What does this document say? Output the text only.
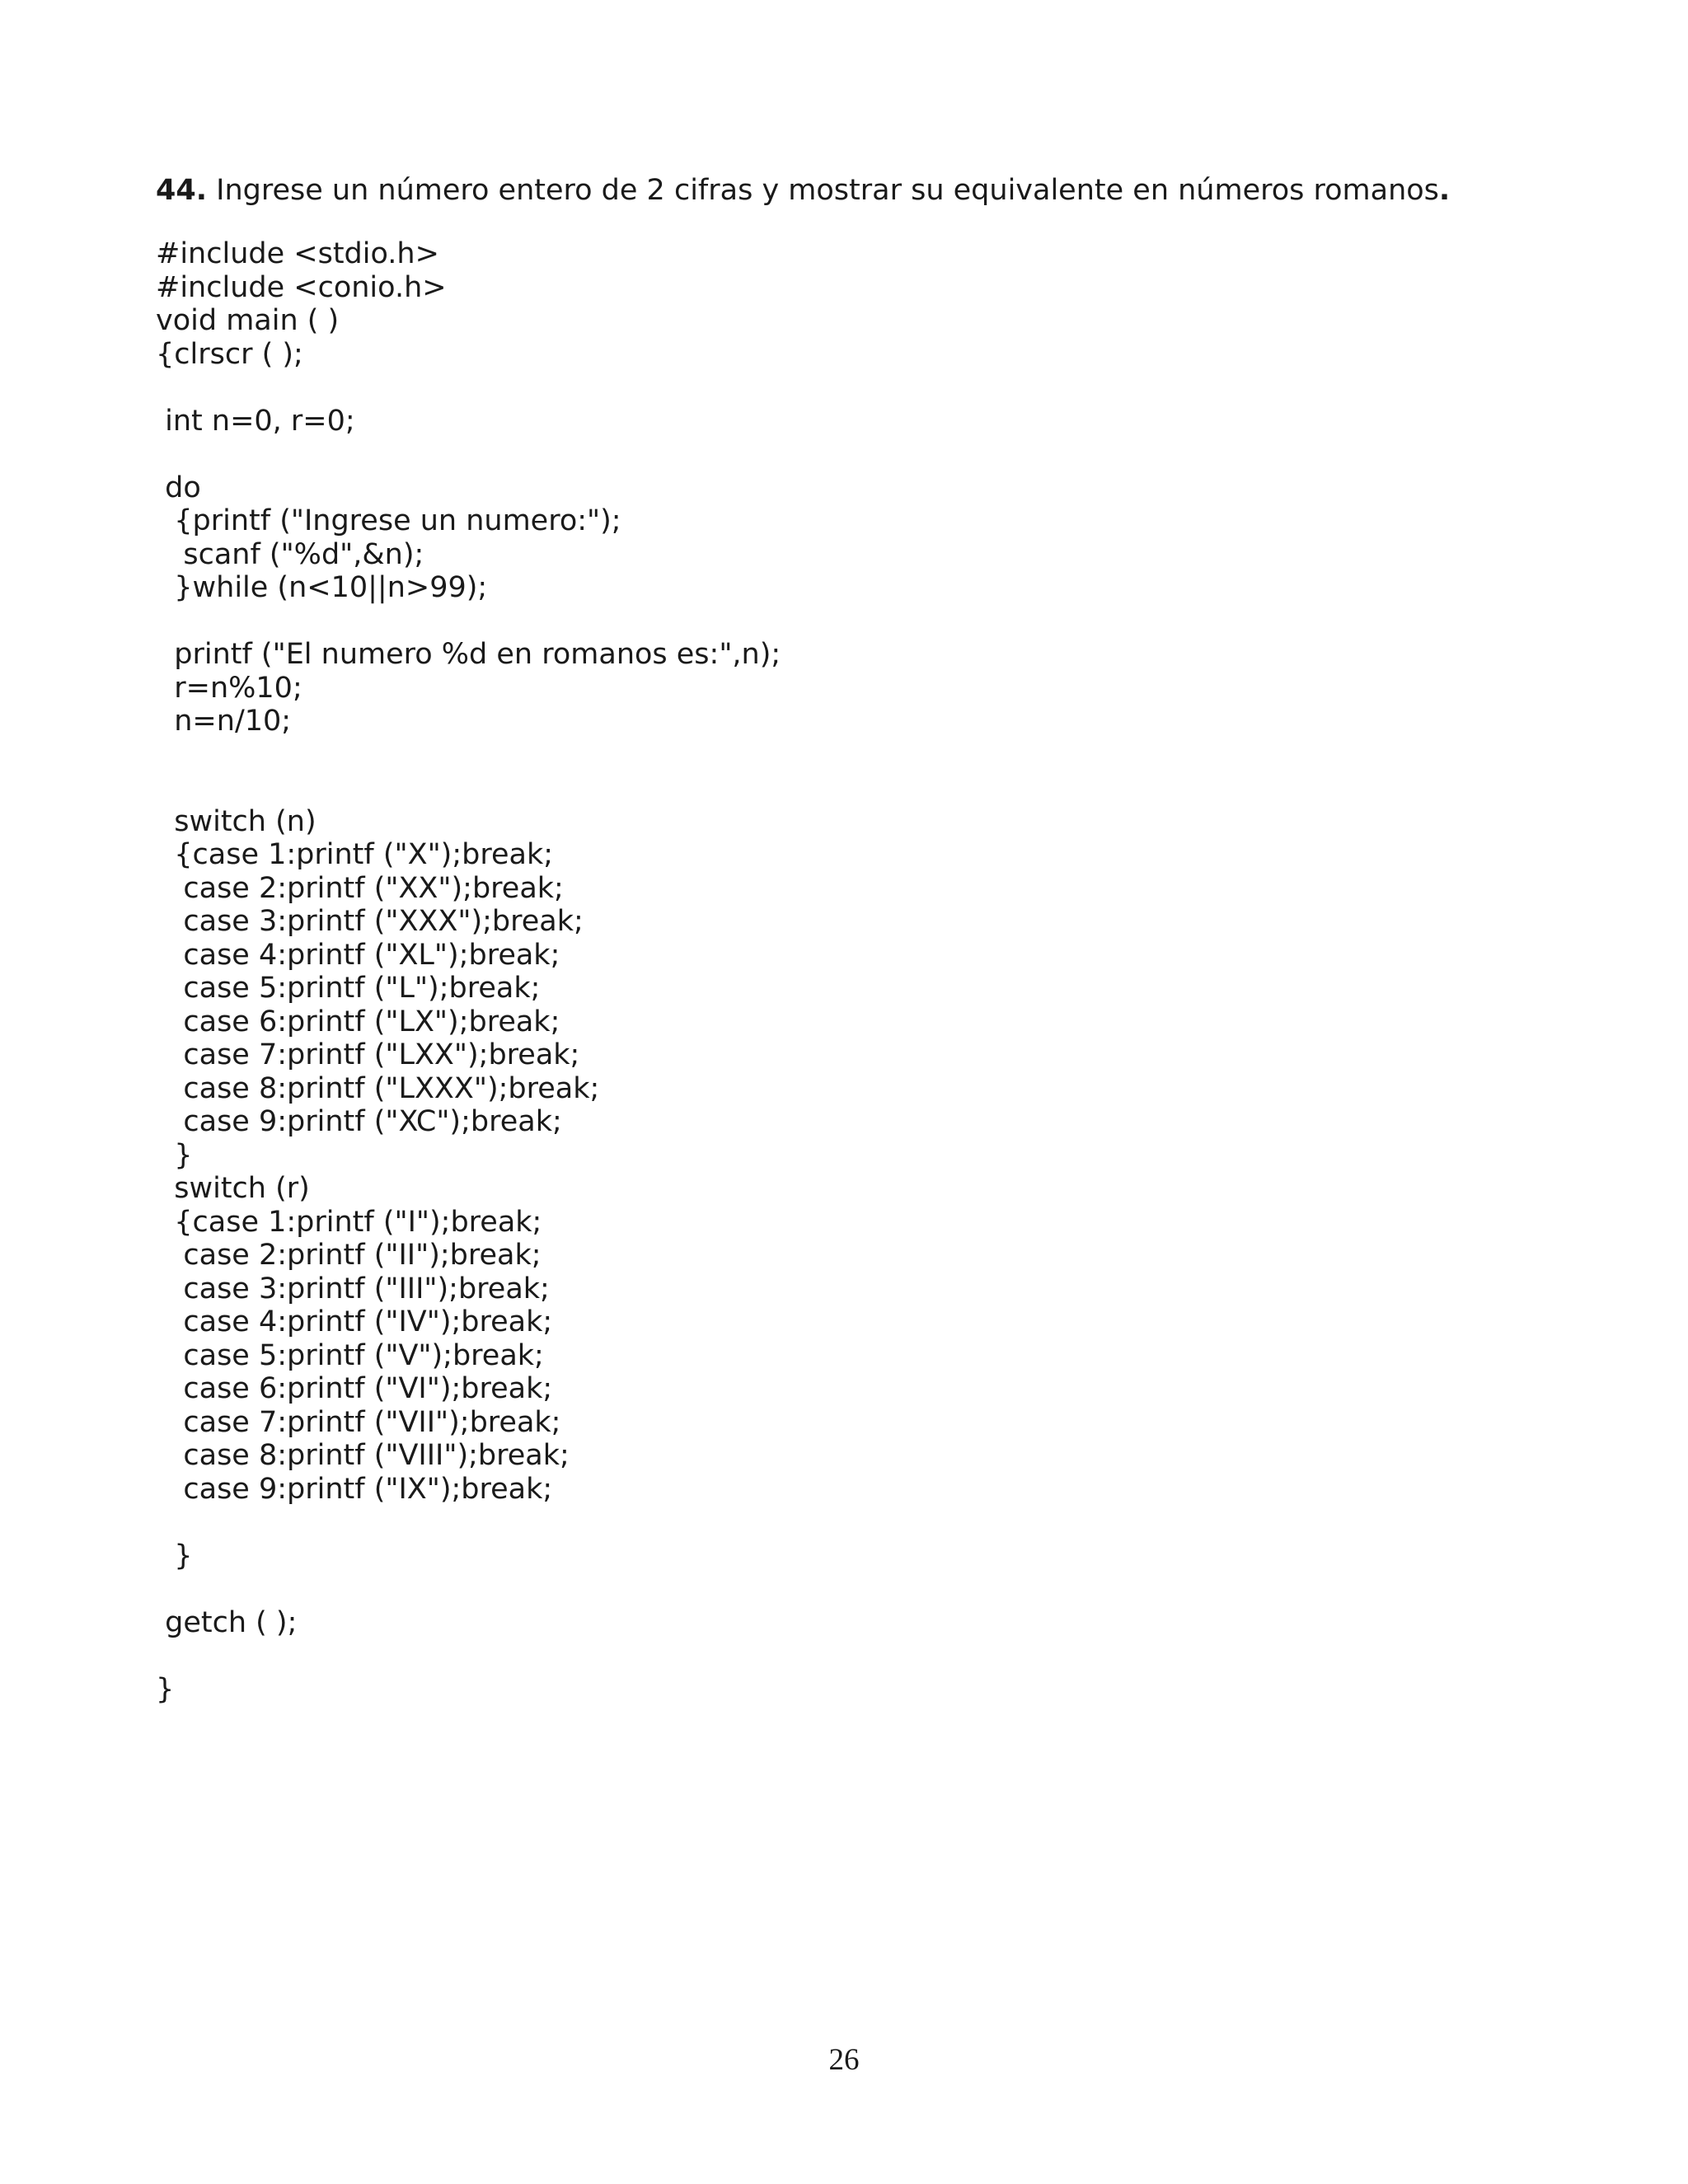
44. Ingrese un número entero de 2 cifras y mostrar su equivalente en números romanos.
#include <stdio.h>
#include <conio.h>
void main ( )
{clrscr ( );
int n=0, r=0;
do
{printf ("Ingrese un numero:");
scanf ("%d",&n);
}while (n<10||n>99);
printf ("El numero %d en romanos es:",n);
r=n%10;
n=n/10;
switch (n)
{case 1:printf ("X");break;
case 2:printf ("XX");break;
case 3:printf ("XXX");break;
case 4:printf ("XL");break;
case 5:printf ("L");break;
case 6:printf ("LX");break;
case 7:printf ("LXX");break;
case 8:printf ("LXXX");break;
case 9:printf ("XC");break;
}
switch (r)
{case 1:printf ("I");break;
case 2:printf ("II");break;
case 3:printf ("III");break;
case 4:printf ("IV");break;
case 5:printf ("V");break;
case 6:printf ("VI");break;
case 7:printf ("VII");break;
case 8:printf ("VIII");break;
case 9:printf ("IX");break;
}
getch ( );
}
26
